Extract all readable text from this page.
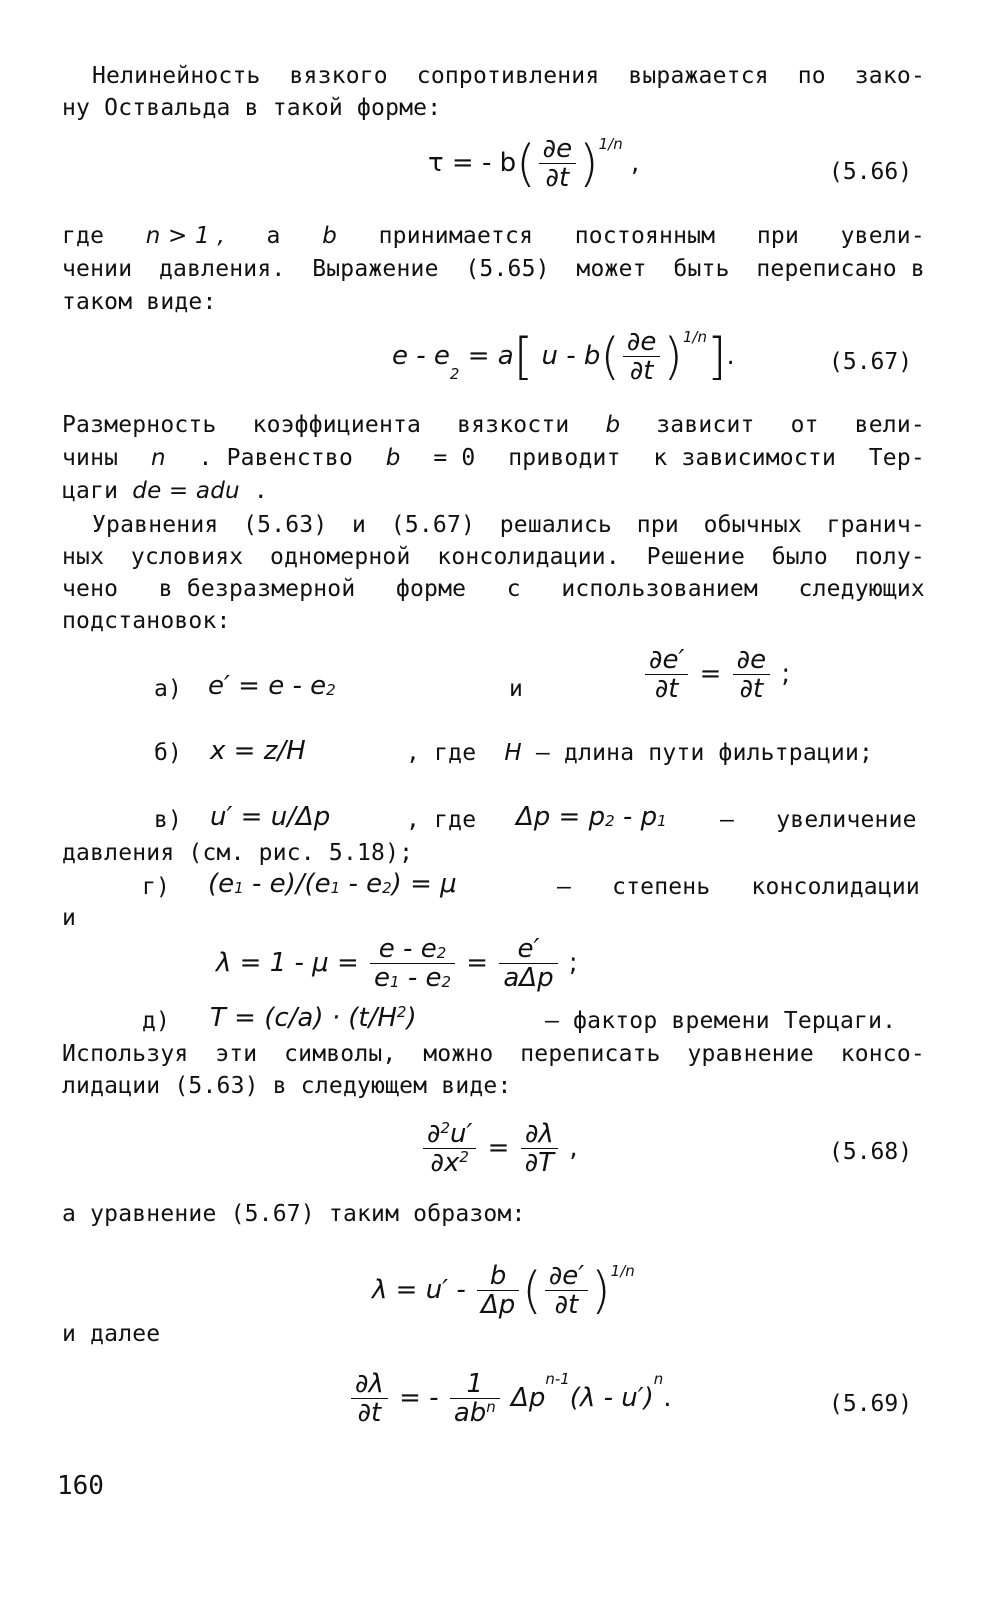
Нелинейность вязкого сопротивления выражается по зако-
ну Оствальда в такой форме:
τ = - $b( \frac{\partial e}{\partial t} )^{1/n}$ ,	(5.66)
где n > 1 , а b принимается постоянным при увели-
чении давления. Выражение (5.65) может быть переписано в
таком виде:
e - e2 = a[ u - $b( \frac{\partial e}{\partial t} )^{1/n}$].	(5.67)
Размерность коэффициента вязкости b зависит от вели-
чины n . Равенство b = 0 приводит к зависимости Тер-
цаги de = adu .
Уравнения (5.63) и (5.67) решались при обычных гранич-
ных условиях одномерной консолидации. Решение было полу-
чено в безразмерной форме с использованием следующих
подстановок:
а) e′ = e - e2	и	$\frac{\partial e'}{\partial t} = \frac{\partial e}{\partial t}$ ;
б) x = z/H	, где H – длина пути фильтрации;
в) u′ = u/Δp	, где Δp = p2 - p1 – увеличение
давления (см. рис. 5.18);
г) (e1 - e)/(e1 - e2) = μ	– степень консолидации
и
$\lambda = 1 - \mu = \frac{e - e2}{e1 - e2} = \frac{e'}{\text{aΔp}}$ ;
д) $T = (c/a) \cdot (t/H^2)$	– фактор времени Терцаги.
Используя эти символы, можно переписать уравнение консо-
лидации (5.63) в следующем виде:
$\frac{\partial^2u'}{\partial x^2} = \frac{\partial\lambda}{\partial T}$ ,	(5.68)
а уравнение (5.67) таким образом:
$\lambda = u' - \frac{b}{\Delta p}$ ( $\frac{\partial e'}{\partial t} )^{1/n}$
и далее
$\frac{\partial\lambda}{\partial t}$ = - $\frac{1}{ab^n} \Delta p^{n-1}(\lambda - u')^n$.	(5.69)
160
